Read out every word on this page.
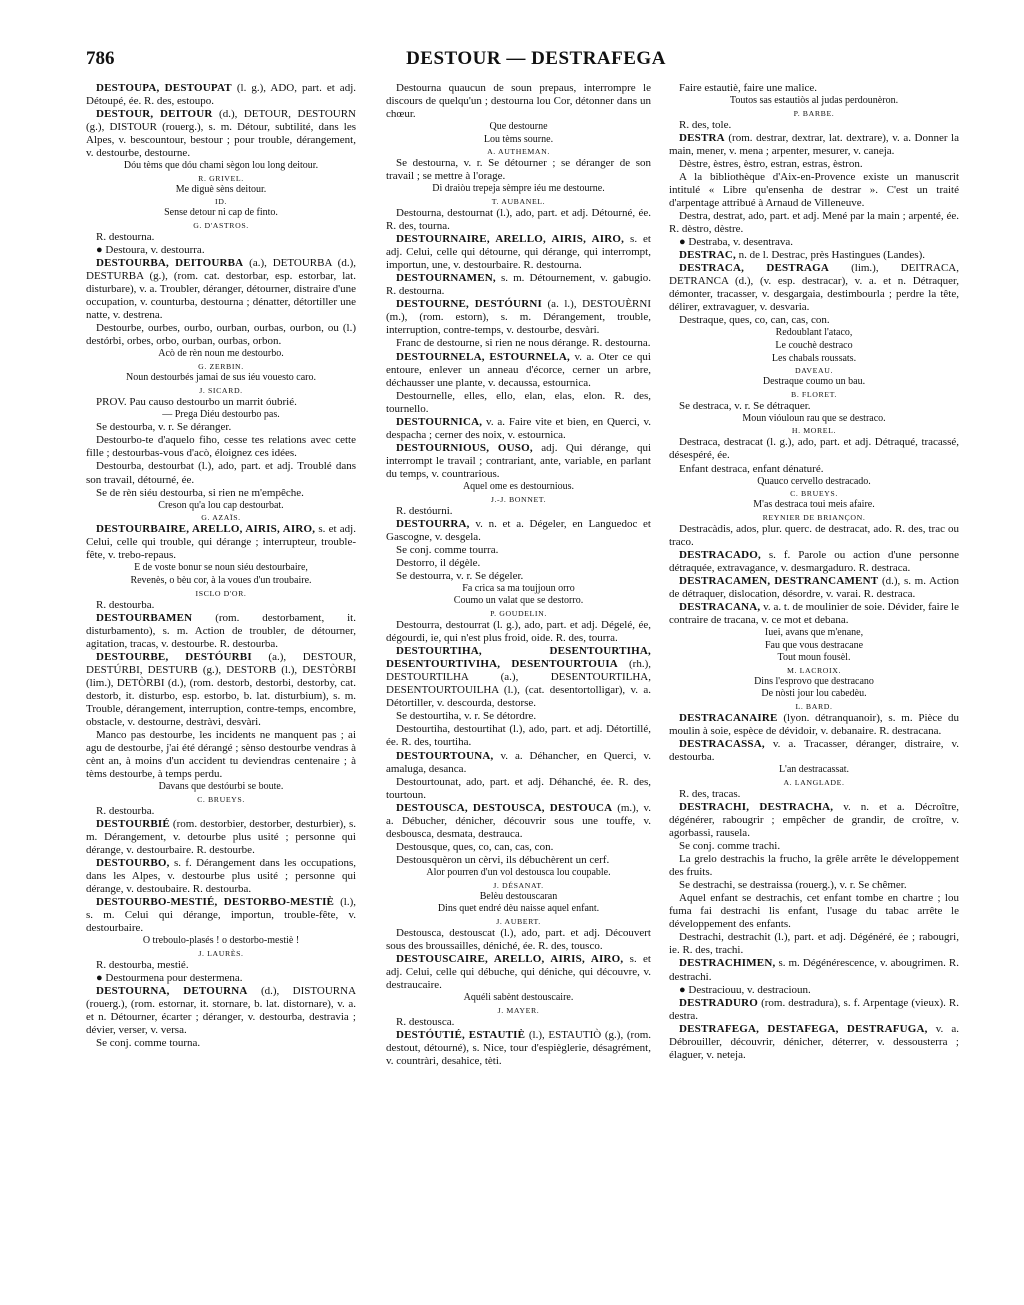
786	DESTOUR — DESTRAFEGA

DESTOUPA, DESTOUPAT (l. g.), ADO, part. et adj. Détoupé, ée. R. des, estoupo.

DESTOUR, DEITOUR (d.), DETOUR, DESTOURN (g.), DISTOUR (rouerg.), s. m. Détour, subtilité, dans les Alpes, v. bescountour, bestour ; pour trouble, dérangement, v. destourbe, destourne.

Dóu tèms que dóu chami sègon lou long deitour.

R. GRIVEL.

Me diguè sèns deitour.

ID.

Sense detour ni cap de finto.

G. D'ASTROS.

R. destourna.

● Destoura, v. destourra.

DESTOURBA, DEITOURBA (a.), DETOURBA (d.), DESTURBA (g.), (rom. cat. destorbar, esp. estorbar, lat. disturbare), v. a. Troubler, déranger, détourner, distraire d'une occupation, v. counturba, destourna ; dénatter, détortiller une natte, v. destrena.

Destourbe, ourbes, ourbo, ourban, ourbas, ourbon, ou (l.) destórbi, orbes, orbo, ourban, ourbas, orbon.

Acò de rèn noun me destourbo.

G. ZERBIN.

Noun destourbés jamai de sus iéu vouesto caro.

J. SICARD.

PROV. Pau causo destourbo un marrit óubrié.

— Prega Diéu destourbo pas.

Se destourba, v. r. Se déranger.

Destourbo-te d'aquelo fiho, cesse tes relations avec cette fille ; destourbas-vous d'acò, éloignez ces idées.

Destourba, destourbat (l.), ado, part. et adj. Troublé dans son travail, détourné, ée.

Se de rèn siéu destourba, si rien ne m'empêche.

Creson qu'a lou cap destourbat.

G. AZAÏS.

DESTOURBAIRE, ARELLO, AIRIS, AIRO, s. et adj. Celui, celle qui trouble, qui dérange ; interrupteur, trouble-fête, v. trebo-repaus.

E de voste bonur se noun siéu destourbaire,

Revenès, o bèu cor, à la voues d'un troubaire.

ISCLO D'OR.

R. destourba.

DESTOURBAMEN (rom. destorbament, it. disturbamento), s. m. Action de troubler, de détourner, agitation, tracas, v. destourbe. R. destourba.

DESTOURBE, DESTÓURBI (a.), DESTOUR, DESTÚRBI, DESTURB (g.), DESTORB (l.), DESTÒRBI (lim.), DETÒRBI (d.), (rom. destorb, destorbi, destorby, cat. destorb, it. disturbo, esp. estorbo, b. lat. disturbium), s. m. Trouble, dérangement, interruption, contre-temps, encombre, obstacle, v. destourne, destràvi, desvàri.

Manco pas destourbe, les incidents ne manquent pas ; ai agu de destourbe, j'ai été dérangé ; sènso destourbe vendras à cènt an, à moins d'un accident tu deviendras centenaire ; à tèms destourbe, à temps perdu.

Davans que destóurbi se boute.

C. BRUEYS.

R. destourba.

DESTOURBIÉ (rom. destorbier, destorber, desturbier), s. m. Dérangement, v. detourbe plus usité ; personne qui dérange, v. destourbaire. R. destourbe.

DESTOURBO, s. f. Dérangement dans les occupations, dans les Alpes, v. destourbe plus usité ; personne qui dérange, v. destoubaire. R. destourba.

DESTOURBO-MESTIÉ, DESTORBO-MESTIÈ (l.), s. m. Celui qui dérange, importun, trouble-fête, v. destourbaire.

O treboulo-plasés ! o destorbo-mestiè !

J. LAURÈS.

R. destourba, mestié.

● Destourmena pour destermena.

DESTOURNA, DETOURNA (d.), DISTOURNA (rouerg.), (rom. estornar, it. stornare, b. lat. distornare), v. a. et n. Détourner, écarter ; déranger, v. destourba, destravia ; dévier, verser, v. versa.

Se conj. comme tourna.

Destourna quaucun de soun prepaus, interrompre le discours de quelqu'un ; destourna lou Cor, détonner dans un chœur.

Que destourne

Lou tèms sourne.

A. AUTHEMAN.

Se destourna, v. r. Se détourner ; se déranger de son travail ; se mettre à l'orage.

Di draiòu trepeja sèmpre iéu me destourne.

T. AUBANEL.

Destourna, destournat (l.), ado, part. et adj. Détourné, ée. R. des, tourna.

DESTOURNAIRE, ARELLO, AIRIS, AIRO, s. et adj. Celui, celle qui détourne, qui dérange, qui interrompt, importun, une, v. destourbaire. R. destourna.

DESTOURNAMEN, s. m. Détournement, v. gabugio. R. destourna.

DESTOURNE, DESTÓURNI (a. l.), DESTOUÈRNI (m.), (rom. estorn), s. m. Dérangement, trouble, interruption, contre-temps, v. destourbe, desvàri.

Franc de destourne, si rien ne nous dérange. R. destourna.

DESTOURNELA, ESTOURNELA, v. a. Oter ce qui entoure, enlever un anneau d'écorce, cerner un arbre, déchausser une plante, v. decaussa, estournica.

Destournelle, elles, ello, elan, elas, elon. R. des, tournello.

DESTOURNICA, v. a. Faire vite et bien, en Querci, v. despacha ; cerner des noix, v. estournica.

DESTOURNIOUS, OUSO, adj. Qui dérange, qui interrompt le travail ; contrariant, ante, variable, en parlant du temps, v. countrarious.

Aquel ome es destournious.

J.-J. BONNET.

R. destóurni.

DESTOURRA, v. n. et a. Dégeler, en Languedoc et Gascogne, v. desgela.

Se conj. comme tourra.

Destorro, il dégèle.

Se destourra, v. r. Se dégeler.

Fa crica sa ma toujjoun orro

Coumo un valat que se destorro.

P. GOUDELIN.

Destourra, destourrat (l. g.), ado, part. et adj. Dégelé, ée, dégourdi, ie, qui n'est plus froid, oide. R. des, tourra.

DESTOURTIHA, DESENTOURTIHA, DESENTOURTIVIHA, DESENTOURTOUIA (rh.), DESTOURTILHA (a.), DESENTOURTILHA, DESENTOURTOUILHA (l.), (cat. desentortolligar), v. a. Détortiller, v. descourda, destorse.

Se destourtiha, v. r. Se détordre.

Destourtiha, destourtihat (l.), ado, part. et adj. Détortillé, ée. R. des, tourtiha.

DESTOURTOUNA, v. a. Déhancher, en Querci, v. amaluga, desanca.

Destourtounat, ado, part. et adj. Déhanché, ée. R. des, tourtoun.

DESTOUSCA, DESTOUSCA, DESTOUCA (m.), v. a. Débucher, dénicher, découvrir sous une touffe, v. desbousca, desmata, destrauca.

Destousque, ques, co, can, cas, con.

Destousquèron un cèrvi, ils débuchèrent un cerf.

Alor pourren d'un vol destousca lou coupable.

J. DÉSANAT.

Belèu destouscaran

Dins quet endré dèu naisse aquel enfant.

J. AUBERT.

Destousca, destouscat (l.), ado, part. et adj. Découvert sous des broussailles, déniché, ée. R. des, tousco.

DESTOUSCAIRE, ARELLO, AIRIS, AIRO, s. et adj. Celui, celle qui débuche, qui déniche, qui découvre, v. destraucaire.

Aquéli sabènt destouscaire.

J. MAYER.

R. destousca.

DESTÓUTIÉ, ESTAUTIÈ (l.), ESTAUTIÒ (g.), (rom. destout, détourné), s. Nice, tour d'espièglerie, désagrément, v. countràri, desahice, tèti.

Faire estautiè, faire une malice.

Toutos sas estautiòs al judas perdounèron.

P. BARBE.

R. des, tole.

DESTRA (rom. destrar, dextrar, lat. dextrare), v. a. Donner la main, mener, v. mena ; arpenter, mesurer, v. caneja.

Dèstre, èstres, èstro, estran, estras, èstron.

A la bibliothèque d'Aix-en-Provence existe un manuscrit intitulé « Libre qu'ensenha de destrar ». C'est un traité d'arpentage attribué à Arnaud de Villeneuve.

Destra, destrat, ado, part. et adj. Mené par la main ; arpenté, ée. R. dèstro, dèstre.

● Destraba, v. desentrava.

DESTRAC, n. de l. Destrac, près Hastingues (Landes).

DESTRACA, DESTRAGA (lim.), DEITRACA, DETRANCA (d.), (v. esp. destracar), v. a. et n. Détraquer, démonter, tracasser, v. desgargaia, destimbourla ; perdre la tête, délirer, extravaguer, v. desvaria.

Destraque, ques, co, can, cas, con.

Redoublant l'ataco,

Le couchè destraco

Les chabals roussats.

DAVEAU.

Destraque coumo un bau.

B. FLORET.

Se destraca, v. r. Se détraquer.

Moun vióuloun rau que se destraco.

H. MOREL.

Destraca, destracat (l. g.), ado, part. et adj. Détraqué, tracassé, désespéré, ée.

Enfant destraca, enfant dénaturé.

Quauco cervello destracado.

C. BRUEYS.

M'as destraca toui meis afaire.

REYNIER DE BRIANÇON.

Destracàdis, ados, plur. querc. de destracat, ado. R. des, trac ou traco.

DESTRACADO, s. f. Parole ou action d'une personne détraquée, extravagance, v. desmargaduro. R. destraca.

DESTRACAMEN, DESTRANCAMENT (d.), s. m. Action de détraquer, dislocation, désordre, v. varai. R. destraca.

DESTRACANA, v. a. t. de moulinier de soie. Dévider, faire le contraire de tracana, v. ce mot et debana.

Iuei, avans que m'enane,

Fau que vous destracane

Tout moun fousèl.

M. LACROIX.

Dins l'esprovo que destracano

De nòsti jour lou cabedèu.

L. BARD.

DESTRACANAIRE (lyon. détranquanoir), s. m. Pièce du moulin à soie, espèce de dévidoir, v. debanaire. R. destracana.

DESTRACASSA, v. a. Tracasser, déranger, distraire, v. destourba.

L'an destracassat.

A. LANGLADE.

R. des, tracas.

DESTRACHI, DESTRACHA, v. n. et a. Décroître, dégénérer, rabougrir ; empêcher de grandir, de croître, v. agorbassi, rausela.

Se conj. comme trachi.

La grelo destrachis la frucho, la grêle arrête le développement des fruits.

Se destrachi, se destraissa (rouerg.), v. r. Se chêmer.

Aquel enfant se destrachis, cet enfant tombe en chartre ; lou fuma fai destrachi lis enfant, l'usage du tabac arrête le développement des enfants.

Destrachi, destrachit (l.), part. et adj. Dégénéré, ée ; rabougri, ie. R. des, trachi.

DESTRACHIMEN, s. m. Dégénérescence, v. abougrimen. R. destrachi.

● Destraciouu, v. destracioun.

DESTRADURO (rom. destradura), s. f. Arpentage (vieux). R. destra.

DESTRAFEGA, DESTAFEGA, DESTRAFUGA, v. a. Débrouiller, découvrir, dénicher, déterrer, v. dessousterra ; élaguer, v. neteja.
